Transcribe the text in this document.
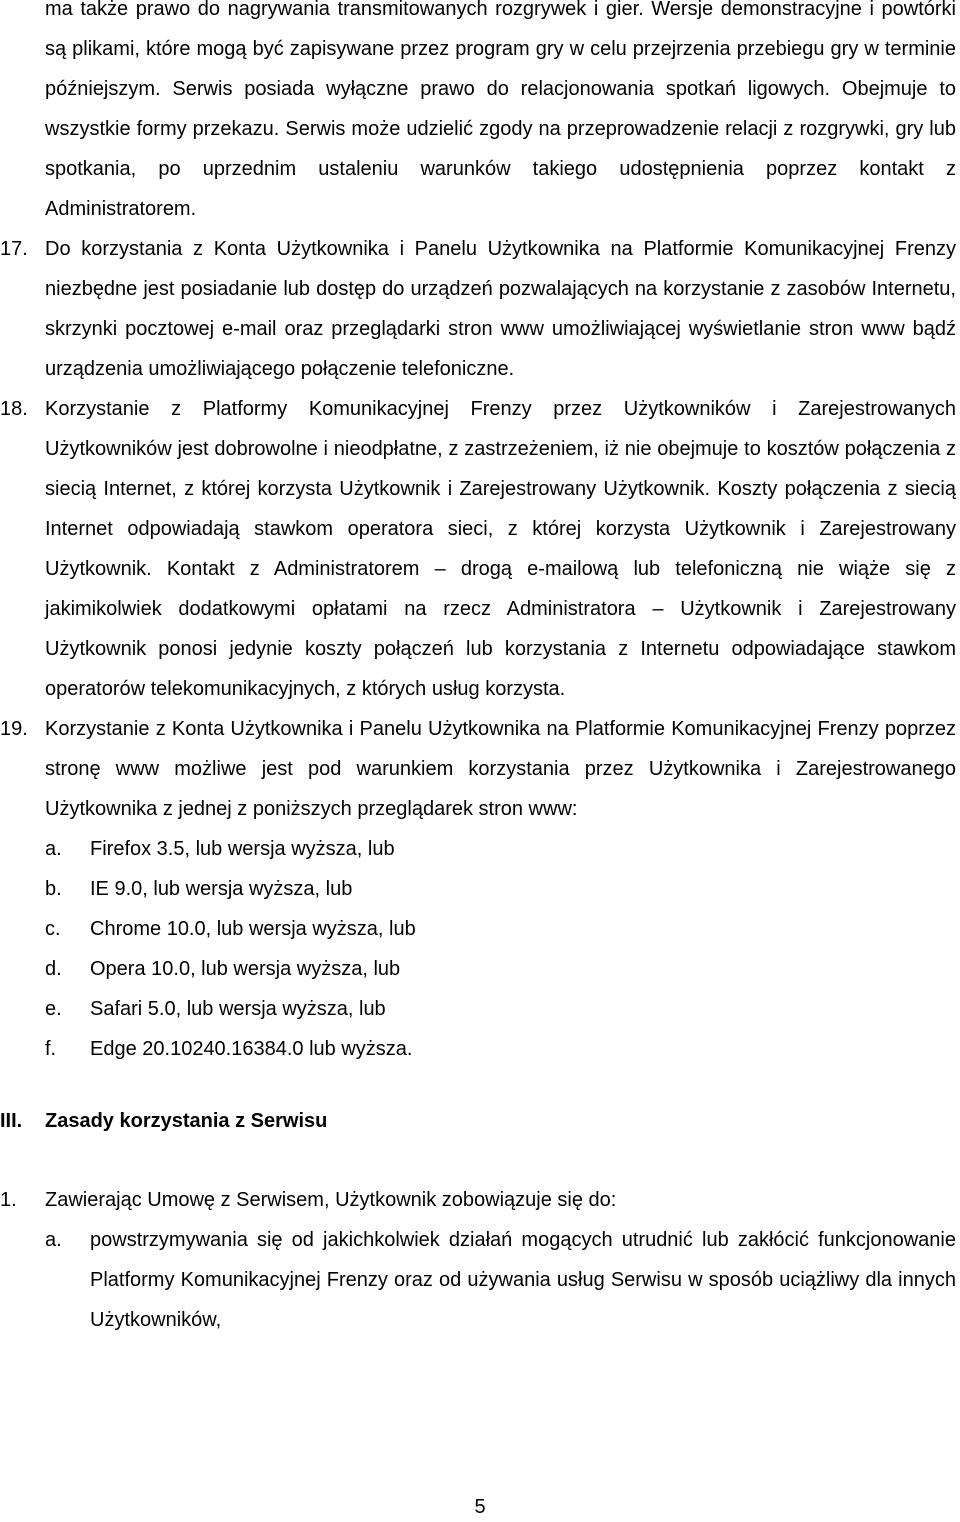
ma także prawo do nagrywania transmitowanych rozgrywek i gier. Wersje demonstracyjne i powtórki są plikami, które mogą być zapisywane przez program gry w celu przejrzenia przebiegu gry w terminie późniejszym. Serwis posiada wyłączne prawo do relacjonowania spotkań ligowych. Obejmuje to wszystkie formy przekazu. Serwis może udzielić zgody na przeprowadzenie relacji z rozgrywki, gry lub spotkania, po uprzednim ustaleniu warunków takiego udostępnienia poprzez kontakt z Administratorem.

17. Do korzystania z Konta Użytkownika i Panelu Użytkownika na Platformie Komunikacyjnej Frenzy niezbędne jest posiadanie lub dostęp do urządzeń pozwalających na korzystanie z zasobów Internetu, skrzynki pocztowej e-mail oraz przeglądarki stron www umożliwiającej wyświetlanie stron www bądź urządzenia umożliwiającego połączenie telefoniczne.

18. Korzystanie z Platformy Komunikacyjnej Frenzy przez Użytkowników i Zarejestrowanych Użytkowników jest dobrowolne i nieodpłatne, z zastrzeżeniem, iż nie obejmuje to kosztów połączenia z siecią Internet, z której korzysta Użytkownik i Zarejestrowany Użytkownik. Koszty połączenia z siecią Internet odpowiadają stawkom operatora sieci, z której korzysta Użytkownik i Zarejestrowany Użytkownik. Kontakt z Administratorem – drogą e-mailową lub telefoniczną nie wiąże się z jakimikolwiek dodatkowymi opłatami na rzecz Administratora – Użytkownik i Zarejestrowany Użytkownik ponosi jedynie koszty połączeń lub korzystania z Internetu odpowiadające stawkom operatorów telekomunikacyjnych, z których usług korzysta.

19. Korzystanie z Konta Użytkownika i Panelu Użytkownika na Platformie Komunikacyjnej Frenzy poprzez stronę www możliwe jest pod warunkiem korzystania przez Użytkownika i Zarejestrowanego Użytkownika z jednej z poniższych przeglądarek stron www:

a. Firefox 3.5, lub wersja wyższa, lub
b. IE 9.0, lub wersja wyższa, lub
c. Chrome 10.0, lub wersja wyższa, lub
d. Opera 10.0, lub wersja wyższa, lub
e. Safari 5.0, lub wersja wyższa, lub
f. Edge 20.10240.16384.0 lub wyższa.
III. Zasady korzystania z Serwisu
1. Zawierając Umowę z Serwisem, Użytkownik zobowiązuje się do:

a. powstrzymywania się od jakichkolwiek działań mogących utrudnić lub zakłócić funkcjonowanie Platformy Komunikacyjnej Frenzy oraz od używania usług Serwisu w sposób uciążliwy dla innych Użytkowników,
5
